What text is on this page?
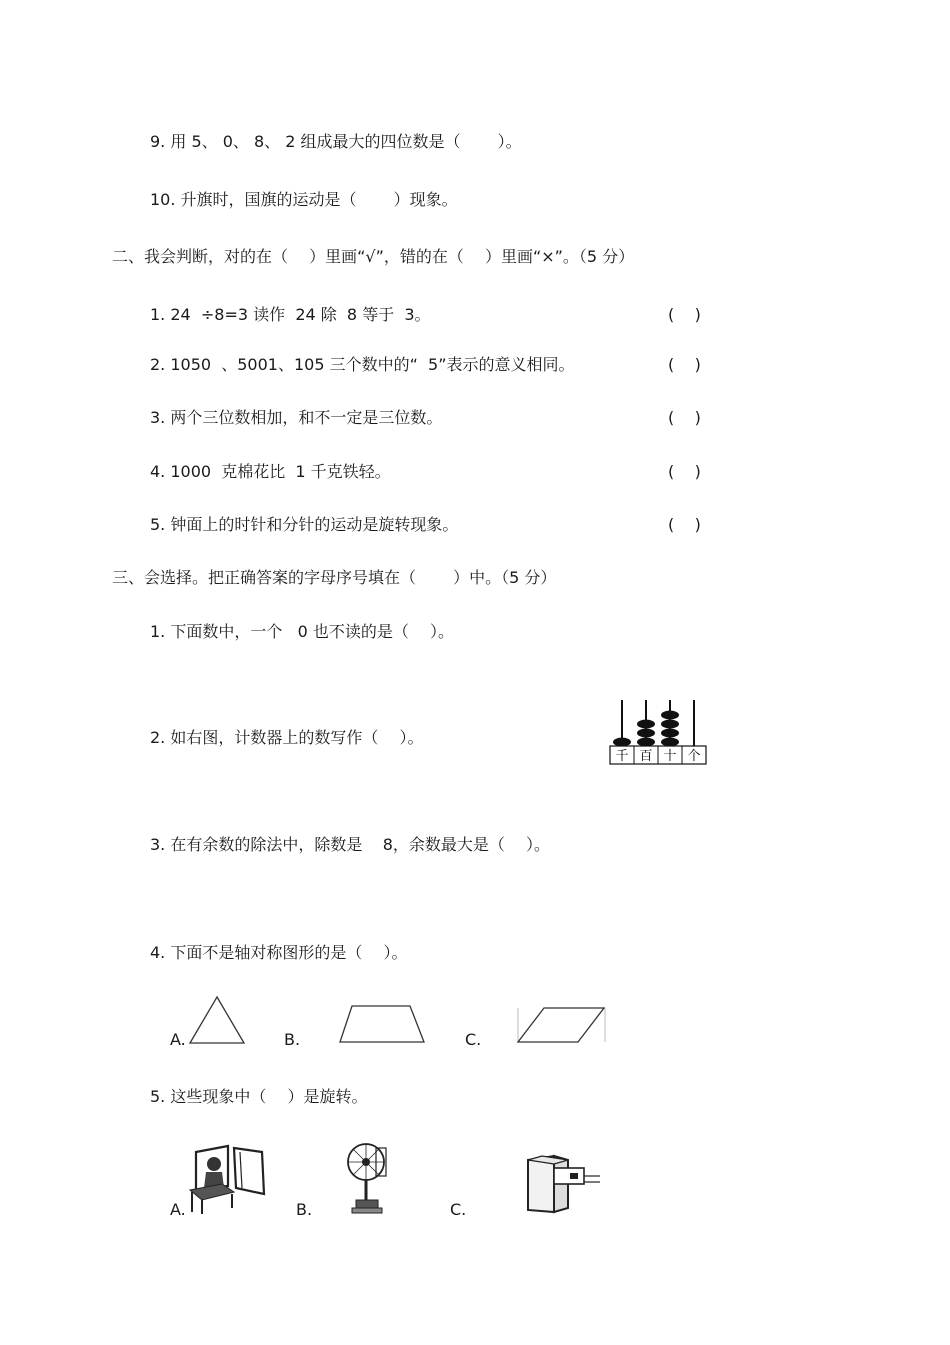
9. 用 5、 0、 8、 2 组成最大的四位数是（　　 ）。
10. 升旗时，国旗的运动是（　　 ）现象。
二、我会判断，对的在（　 ）里画“√”，错的在（　 ）里画“×”。（5 分）
1. 24  ÷8=3 读作  24 除  8 等于  3。	(    )
2. 1050  、5001、105 三个数中的“  5”表示的意义相同。	(    )
3. 两个三位数相加，和不一定是三位数。	(    )
4. 1000  克棉花比  1 千克铁轻。	(    )
5. 钟面上的时针和分针的运动是旋转现象。	(    )
三、会选择。把正确答案的字母序号填在（　　 ）中。（5 分）
1. 下面数中，一个   0 也不读的是（　 ）。
2. 如右图，计数器上的数写作（　 ）。
千 百 十 个
3. 在有余数的除法中，除数是    8，余数最大是（　 ）。
4. 下面不是轴对称图形的是（　 ）。
A.	B.	C.
5. 这些现象中（　 ）是旋转。
A.	B.	C.
